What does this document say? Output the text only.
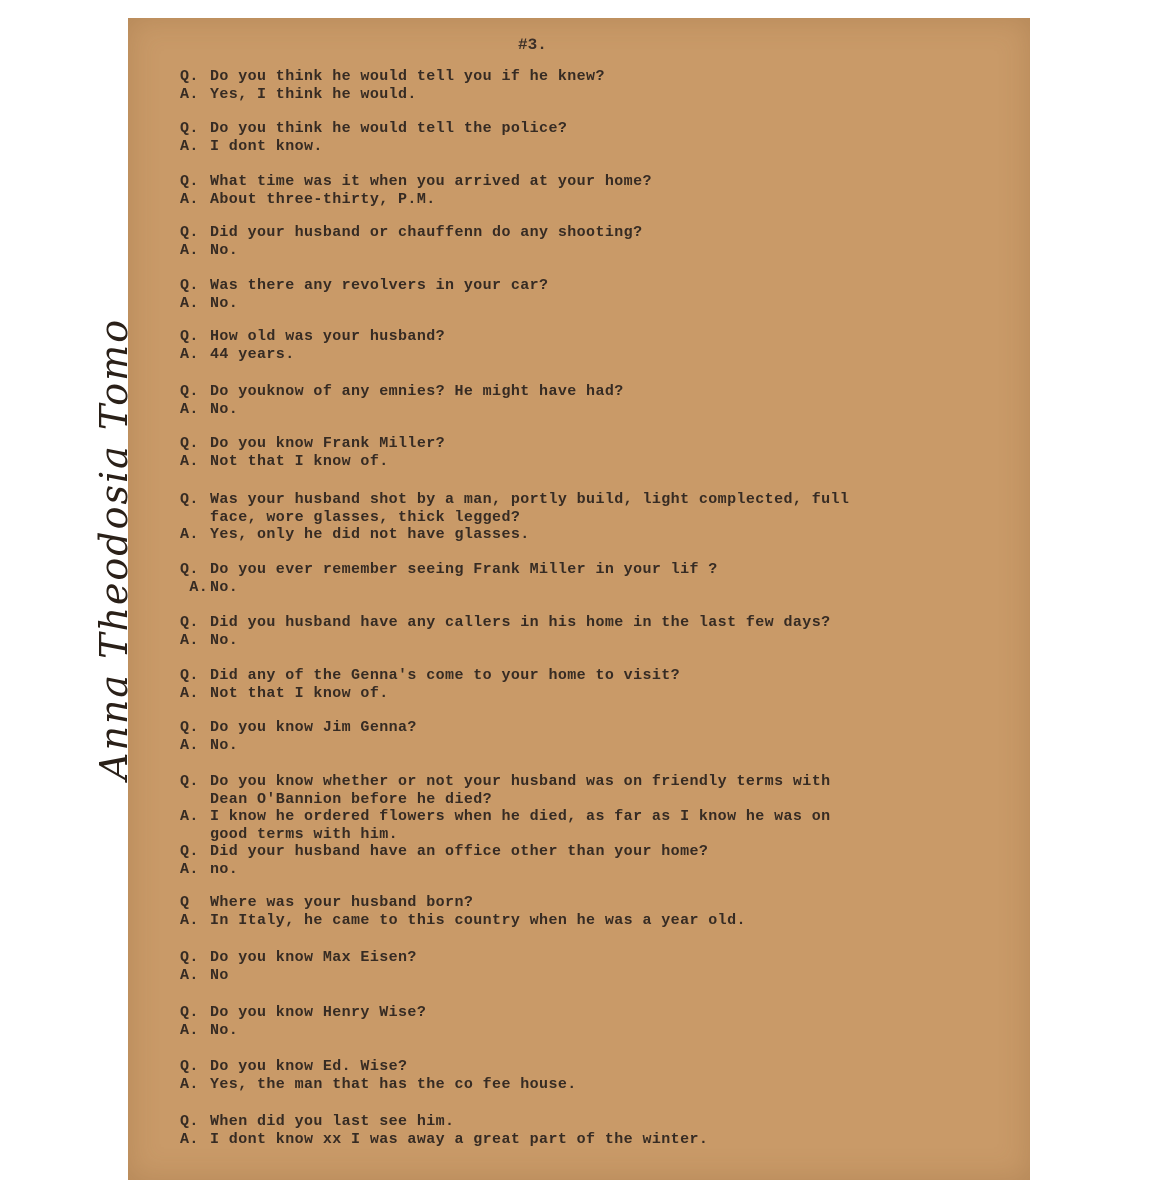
#3.
Anna Theodosia Tomo
Q. Do you think he would tell you if he knew?
A. Yes, I think he would.
Q. Do you think he would tell the police?
A. I dont know.
Q. What time was it when you arrived at your home?
A. About three-thirty, P.M.
Q. Did your husband or chauffenn do any shooting?
A. No.
Q. Was there any revolvers in your car?
A. No.
Q. How old was your husband?
A. 44 years.
Q. Do youknow of any emnies? He might have had?
A. No.
Q. Do you know Frank Miller?
A. Not that I know of.
Q. Was your husband shot by a man, portly build, light complected, full
face, wore glasses, thick legged?
A. Yes, only he did not have glasses.
Q. Do you ever remember seeing Frank Miller in your lif ?
A. No.
Q. Did you husband have any callers in his home in the last few days?
A. No.
Q. Did any of the Genna's come to your home to visit?
A. Not that I know of.
Q. Do you know Jim Genna?
A. No.
Q. Do you know whether or not your husband was on friendly terms with
Dean O'Bannion before he died?
A. I know he ordered flowers when he died, as far as I know he was on
good terms with him.
Q. Did your husband have an office other than your home?
A. no.
Q	Where was your husband born?
A. In Italy, he came to this country when he was a year old.
Q. Do you know Max Eisen?
A. No
Q. Do you know Henry Wise?
A. No.
Q. Do you know Ed. Wise?
A. Yes, the man that has the co fee house.
Q. When did you last see him.
A. I dont know xx I was away a great part of the winter.
